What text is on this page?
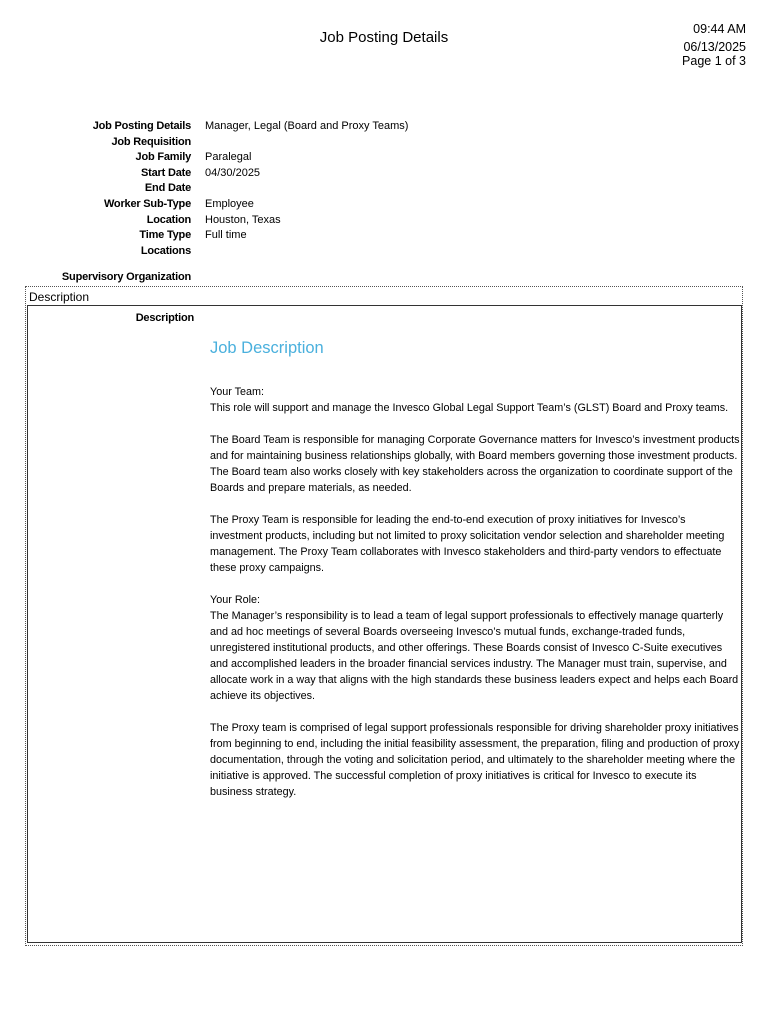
Job Posting Details	09:44 AM
06/13/2025
Page 1 of 3
Job Posting Details Manager, Legal (Board and Proxy Teams)
Job Requisition
Job Family Paralegal
Start Date 04/30/2025
End Date
Worker Sub-Type Employee
Location Houston, Texas
Time Type Full time
Locations
Supervisory Organization
Description
Description
Job Description
Your Team:
This role will support and manage the Invesco Global Legal Support Team’s (GLST) Board and Proxy teams.
The Board Team is responsible for managing Corporate Governance matters for Invesco’s investment products and for maintaining business relationships globally, with Board members governing those investment products. The Board team also works closely with key stakeholders across the organization to coordinate support of the Boards and prepare materials, as needed.
The Proxy Team is responsible for leading the end-to-end execution of proxy initiatives for Invesco’s investment products, including but not limited to proxy solicitation vendor selection and shareholder meeting management. The Proxy Team collaborates with Invesco stakeholders and third-party vendors to effectuate these proxy campaigns.
Your Role:
The Manager’s responsibility is to lead a team of legal support professionals to effectively manage quarterly and ad hoc meetings of several Boards overseeing Invesco’s mutual funds, exchange-traded funds, unregistered institutional products, and other offerings. These Boards consist of Invesco C-Suite executives and accomplished leaders in the broader financial services industry. The Manager must train, supervise, and allocate work in a way that aligns with the high standards these business leaders expect and helps each Board achieve its objectives.
The Proxy team is comprised of legal support professionals responsible for driving shareholder proxy initiatives from beginning to end, including the initial feasibility assessment, the preparation, filing and production of proxy documentation, through the voting and solicitation period, and ultimately to the shareholder meeting where the initiative is approved. The successful completion of proxy initiatives is critical for Invesco to execute its business strategy.
